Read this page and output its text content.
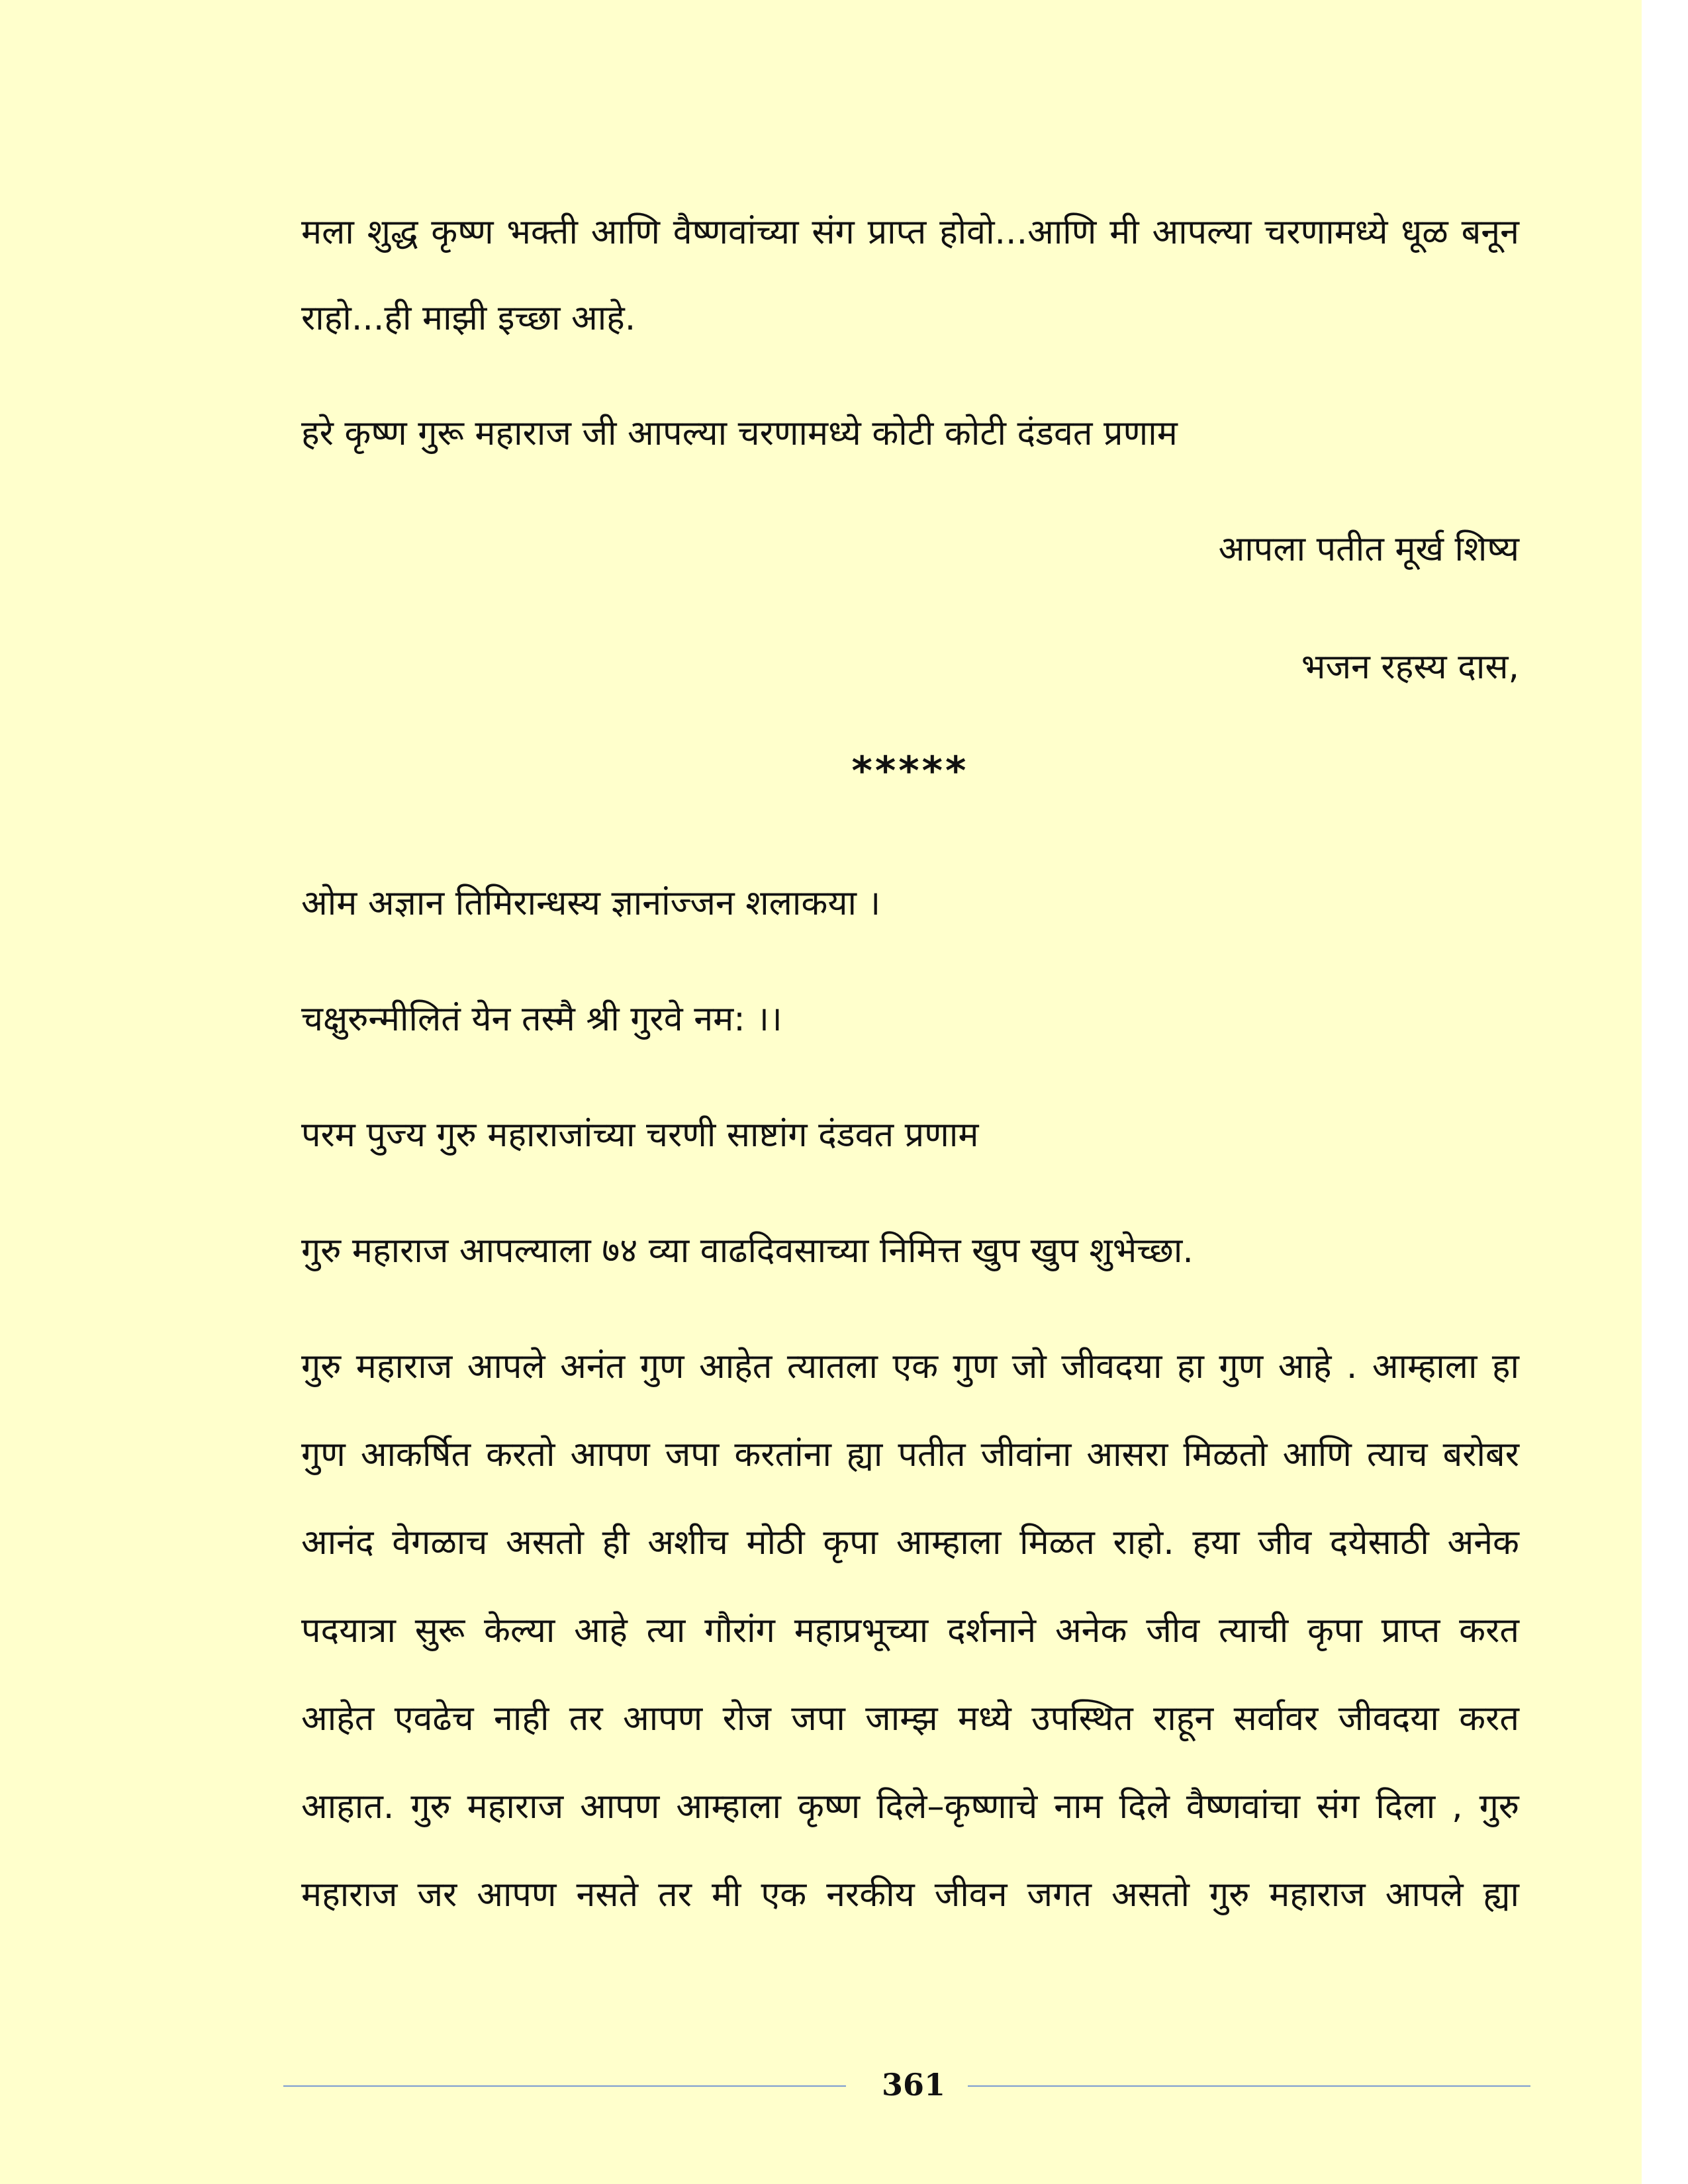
मला शुद्ध कृष्ण भक्ती आणि वैष्णवांच्या संग प्राप्त होवो...आणि मी आपल्या चरणामध्ये धूळ बनून

राहो...ही माझी इच्छा आहे.

हरे कृष्ण गुरू महाराज जी आपल्या चरणामध्ये कोटी कोटी दंडवत प्रणाम

आपला पतीत मूर्ख शिष्य

भजन रहस्य दास,

*****

ओम अज्ञान तिमिरान्धस्य ज्ञानांज्जन शलाकया ।

चक्षुरुन्मीलितं येन तस्मै श्री गुरवे नम: ।।

परम पुज्य गुरु महाराजांच्या चरणी साष्टांग दंडवत प्रणाम

गुरु महाराज आपल्याला ७४ व्या वाढदिवसाच्या निमित्त खुप खुप शुभेच्छा.

गुरु महाराज आपले अनंत गुण आहेत त्यातला एक गुण जो जीवदया हा गुण आहे . आम्हाला हा

गुण आकर्षित करतो आपण जपा करतांना ह्या पतीत जीवांना आसरा मिळतो आणि त्याच बरोबर

आनंद वेगळाच असतो ही अशीच मोठी कृपा आम्हाला मिळत राहो. हया जीव दयेसाठी अनेक

पदयात्रा सुरू केल्या आहे त्या गौरांग महाप्रभूच्या दर्शनाने अनेक जीव त्याची कृपा प्राप्त करत

आहेत एवढेच नाही तर आपण रोज जपा जाम्झ मध्ये उपस्थित राहून सर्वावर जीवदया करत

आहात. गुरु महाराज आपण आम्हाला कृष्ण दिले–कृष्णाचे नाम दिले वैष्णवांचा संग दिला , गुरु

महाराज जर आपण नसते तर मी एक नरकीय जीवन जगत असतो गुरु महाराज आपले ह्या

361
